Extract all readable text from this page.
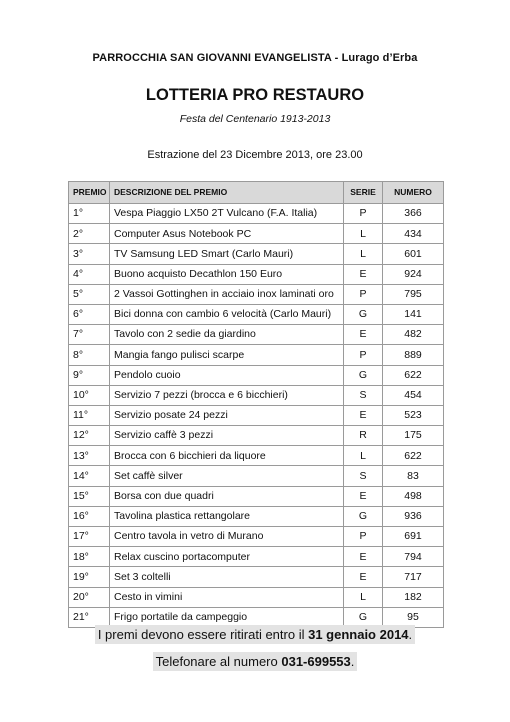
PARROCCHIA SAN GIOVANNI EVANGELISTA - Lurago d’Erba
LOTTERIA PRO RESTAURO
Festa del Centenario 1913-2013
Estrazione del 23 Dicembre 2013, ore 23.00
PREMIO	DESCRIZIONE DEL PREMIO	SERIE	NUMERO
1°	Vespa Piaggio LX50 2T Vulcano (F.A. Italia)	P	366
2°	Computer Asus Notebook PC	L	434
3°	TV Samsung LED Smart (Carlo Mauri)	L	601
4°	Buono acquisto Decathlon 150 Euro	E	924
5°	2 Vassoi Gottinghen in acciaio inox laminati oro	P	795
6°	Bici donna con cambio 6 velocità (Carlo Mauri)	G	141
7°	Tavolo con 2 sedie da giardino	E	482
8°	Mangia fango pulisci scarpe	P	889
9°	Pendolo cuoio	G	622
10°	Servizio 7 pezzi (brocca e 6 bicchieri)	S	454
11°	Servizio posate 24 pezzi	E	523
12°	Servizio caffè 3 pezzi	R	175
13°	Brocca con 6 bicchieri da liquore	L	622
14°	Set caffè silver	S	83
15°	Borsa con due quadri	E	498
16°	Tavolina plastica rettangolare	G	936
17°	Centro tavola in vetro di Murano	P	691
18°	Relax cuscino portacomputer	E	794
19°	Set 3 coltelli	E	717
20°	Cesto in vimini	L	182
21°	Frigo portatile da campeggio	G	95
I premi devono essere ritirati entro il 31 gennaio 2014.
Telefonare al numero 031-699553.
